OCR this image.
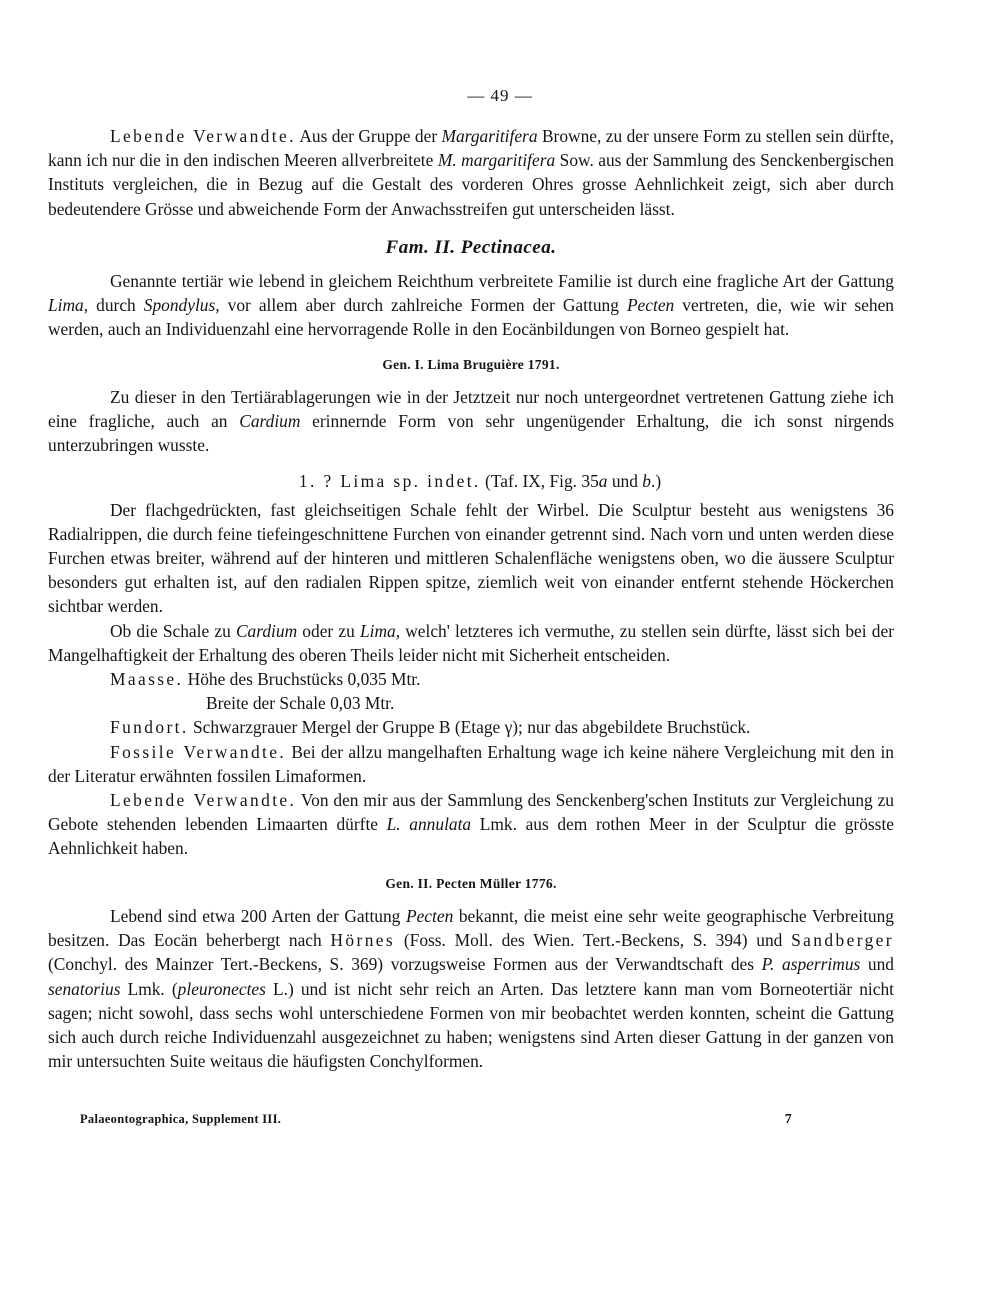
— 49 —

Lebende Verwandte. Aus der Gruppe der Margaritifera Browne, zu der unsere Form zu stellen sein dürfte, kann ich nur die in den indischen Meeren allverbreitete M. margaritifera Sow. aus der Sammlung des Senckenbergischen Instituts vergleichen, die in Bezug auf die Gestalt des vorderen Ohres grosse Aehnlichkeit zeigt, sich aber durch bedeutendere Grösse und abweichende Form der Anwachsstreifen gut unterscheiden lässt.

Fam. II. Pectinacea.

Genannte tertiär wie lebend in gleichem Reichthum verbreitete Familie ist durch eine fragliche Art der Gattung Lima, durch Spondylus, vor allem aber durch zahlreiche Formen der Gattung Pecten vertreten, die, wie wir sehen werden, auch an Individuenzahl eine hervorragende Rolle in den Eocänbildungen von Borneo gespielt hat.

Gen. I. Lima Bruguière 1791.

Zu dieser in den Tertiärablagerungen wie in der Jetztzeit nur noch untergeordnet vertretenen Gattung ziehe ich eine fragliche, auch an Cardium erinnernde Form von sehr ungenügender Erhaltung, die ich sonst nirgends unterzubringen wusste.

1. ? Lima sp. indet. (Taf. IX, Fig. 35a und b.)

Der flachgedrückten, fast gleichseitigen Schale fehlt der Wirbel. Die Sculptur besteht aus wenigstens 36 Radialrippen, die durch feine tiefeingeschnittene Furchen von einander getrennt sind. Nach vorn und unten werden diese Furchen etwas breiter, während auf der hinteren und mittleren Schalenfläche wenigstens oben, wo die äussere Sculptur besonders gut erhalten ist, auf den radialen Rippen spitze, ziemlich weit von einander entfernt stehende Höckerchen sichtbar werden.

Ob die Schale zu Cardium oder zu Lima, welch' letzteres ich vermuthe, zu stellen sein dürfte, lässt sich bei der Mangelhaftigkeit der Erhaltung des oberen Theils leider nicht mit Sicherheit entscheiden.

Maasse. Höhe des Bruchstücks 0,035 Mtr.

Breite der Schale 0,03 Mtr.

Fundort. Schwarzgrauer Mergel der Gruppe B (Etage γ); nur das abgebildete Bruchstück.

Fossile Verwandte. Bei der allzu mangelhaften Erhaltung wage ich keine nähere Vergleichung mit den in der Literatur erwähnten fossilen Limaformen.

Lebende Verwandte. Von den mir aus der Sammlung des Senckenberg'schen Instituts zur Vergleichung zu Gebote stehenden lebenden Limaarten dürfte L. annulata Lmk. aus dem rothen Meer in der Sculptur die grösste Aehnlichkeit haben.

Gen. II. Pecten Müller 1776.

Lebend sind etwa 200 Arten der Gattung Pecten bekannt, die meist eine sehr weite geographische Verbreitung besitzen. Das Eocän beherbergt nach Hörnes (Foss. Moll. des Wien. Tert.-Beckens, S. 394) und Sandberger (Conchyl. des Mainzer Tert.-Beckens, S. 369) vorzugsweise Formen aus der Verwandtschaft des P. asperrimus und senatorius Lmk. (pleuronectes L.) und ist nicht sehr reich an Arten. Das letztere kann man vom Borneotertiär nicht sagen; nicht sowohl, dass sechs wohl unterschiedene Formen von mir beobachtet werden konnten, scheint die Gattung sich auch durch reiche Individuenzahl ausgezeichnet zu haben; wenigstens sind Arten dieser Gattung in der ganzen von mir untersuchten Suite weitaus die häufigsten Conchylformen.

Palaeontographica, Supplement III.	7
